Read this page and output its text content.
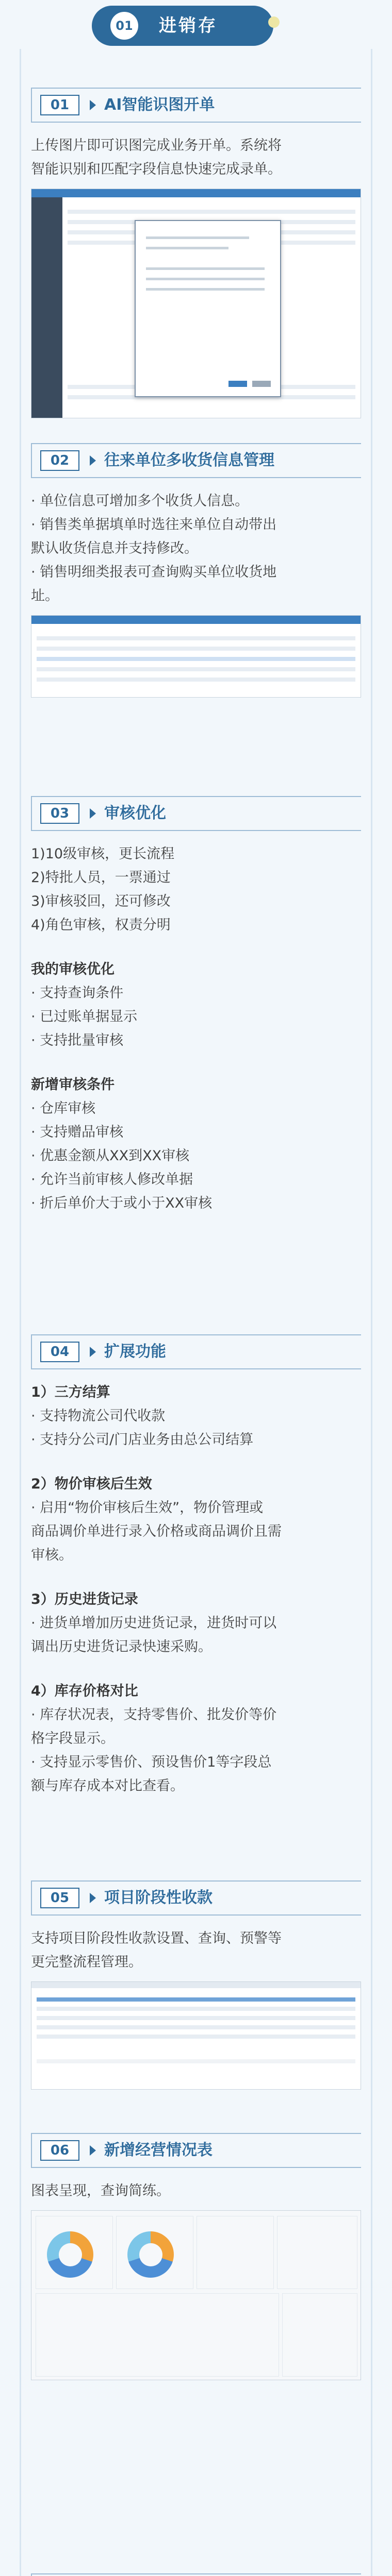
01	进销存
01	AI智能识图开单
上传图片即可识图完成业务开单。系统将
智能识别和匹配字段信息快速完成录单。
02	往来单位多收货信息管理
· 单位信息可增加多个收货人信息。
· 销售类单据填单时选往来单位自动带出
默认收货信息并支持修改。
· 销售明细类报表可查询购买单位收货地
址。
03	审核优化
1)10级审核，更长流程
2)特批人员，一票通过
3)审核驳回，还可修改
4)角色审核，权责分明
我的审核优化
· 支持查询条件
· 已过账单据显示
· 支持批量审核
新增审核条件
· 仓库审核
· 支持赠品审核
· 优惠金额从XX到XX审核
· 允许当前审核人修改单据
· 折后单价大于或小于XX审核
04	扩展功能
1）三方结算
· 支持物流公司代收款
· 支持分公司/门店业务由总公司结算
2）物价审核后生效
· 启用“物价审核后生效”，物价管理或
商品调价单进行录入价格或商品调价且需
审核。
3）历史进货记录
· 进货单增加历史进货记录，进货时可以
调出历史进货记录快速采购。
4）库存价格对比
· 库存状况表，支持零售价、批发价等价
格字段显示。
· 支持显示零售价、预设售价1等字段总
额与库存成本对比查看。
05	项目阶段性收款
支持项目阶段性收款设置、查询、预警等
更完整流程管理。
06	新增经营情况表
图表呈现，查询简练。
